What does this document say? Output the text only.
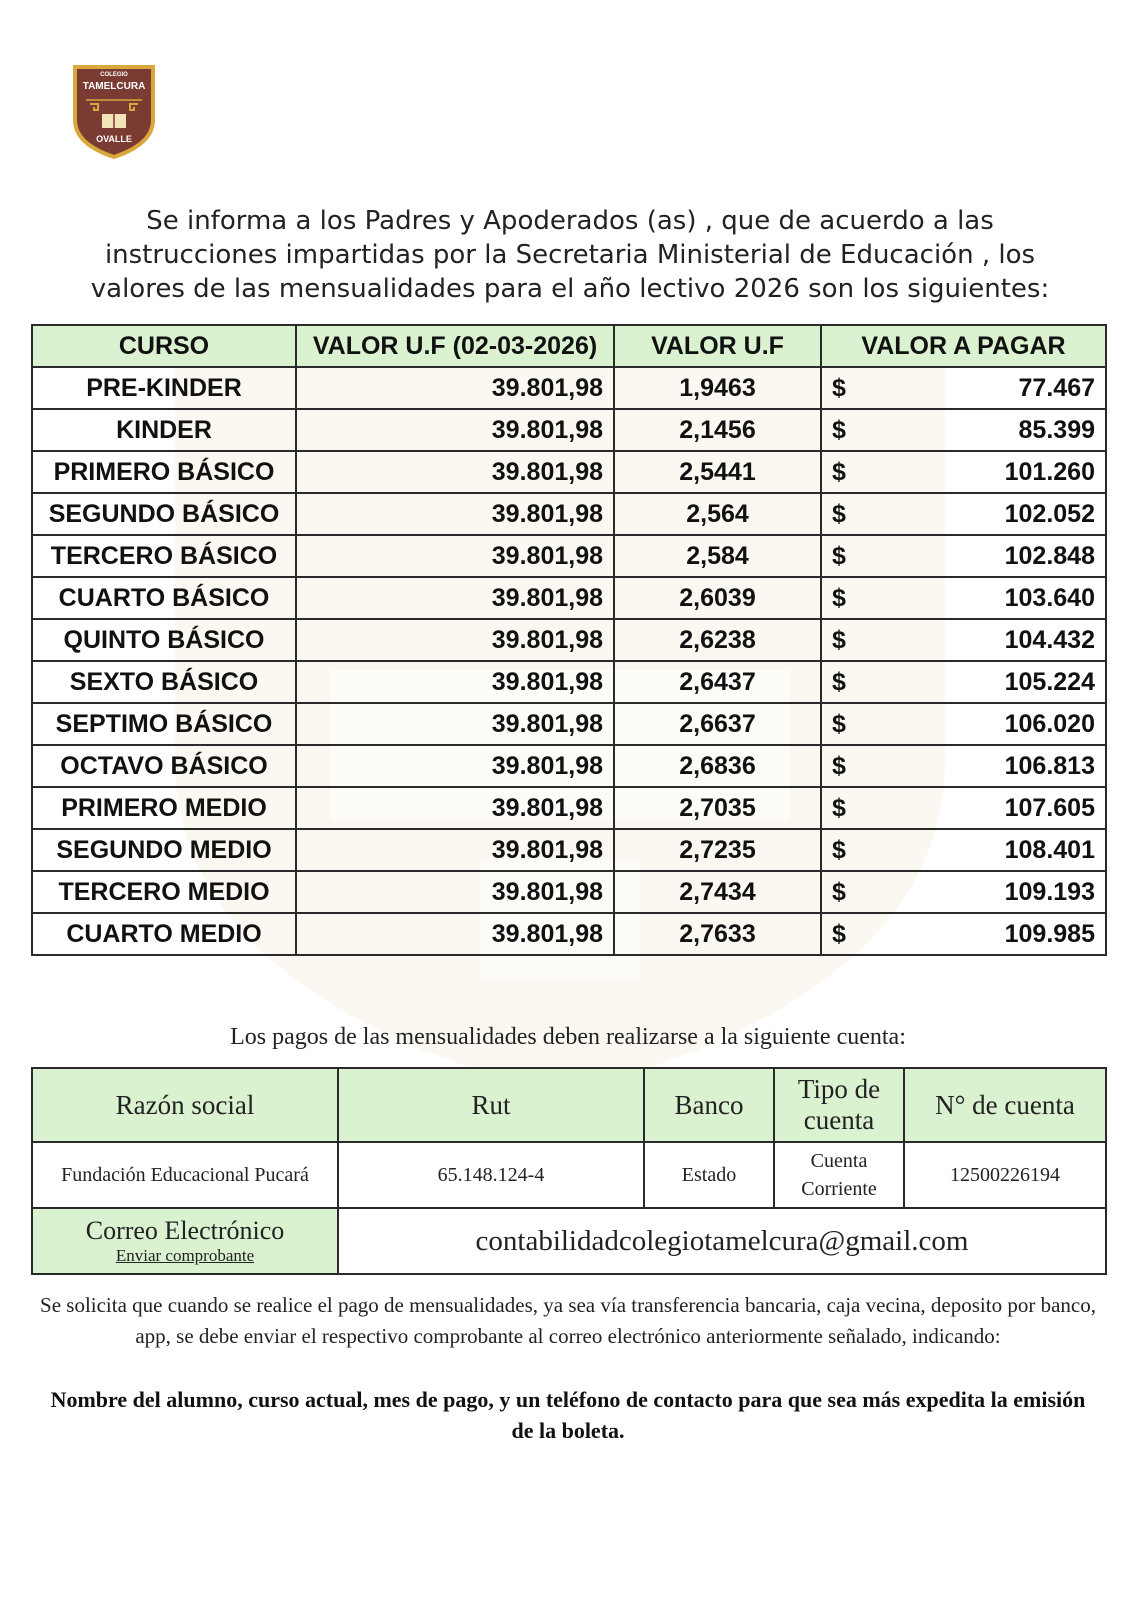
COLEGIO
TAMELCURA
OVALLE
Se informa a los Padres y Apoderados (as) , que de acuerdo a las instrucciones impartidas por la Secretaria Ministerial de Educación , los valores de las mensualidades para el año lectivo 2026 son los siguientes:
CURSO	VALOR U.F (02-03-2026)	VALOR U.F	VALOR A PAGAR
PRE-KINDER	39.801,98	1,9463	$ 77.467

KINDER	39.801,98	2,1456	$ 85.399

PRIMERO BÁSICO	39.801,98	2,5441	$ 101.260

SEGUNDO BÁSICO	39.801,98	2,564	$ 102.052

TERCERO BÁSICO	39.801,98	2,584	$ 102.848

CUARTO BÁSICO	39.801,98	2,6039	$ 103.640

QUINTO BÁSICO	39.801,98	2,6238	$ 104.432

SEXTO BÁSICO	39.801,98	2,6437	$ 105.224

SEPTIMO BÁSICO	39.801,98	2,6637	$ 106.020

OCTAVO BÁSICO	39.801,98	2,6836	$ 106.813

PRIMERO MEDIO	39.801,98	2,7035	$ 107.605

SEGUNDO MEDIO	39.801,98	2,7235	$ 108.401

TERCERO MEDIO	39.801,98	2,7434	$ 109.193

CUARTO MEDIO	39.801,98	2,7633	$ 109.985
Los pagos de las mensualidades deben realizarse a la siguiente cuenta:
Razón social	Rut	Banco	Tipo de cuenta	N° de cuenta
Fundación Educacional Pucará	65.148.124-4	Estado	Cuenta Corriente	12500226194

Correo Electrónico
Enviar comprobante	contabilidadcolegiotamelcura@gmail.com			
Se solicita que cuando se realice el pago de mensualidades, ya sea vía transferencia bancaria, caja vecina, deposito por banco, app, se debe enviar el respectivo comprobante al correo electrónico anteriormente señalado, indicando:
Nombre del alumno, curso actual, mes de pago, y un teléfono de contacto para que sea más expedita la emisión de la boleta.
